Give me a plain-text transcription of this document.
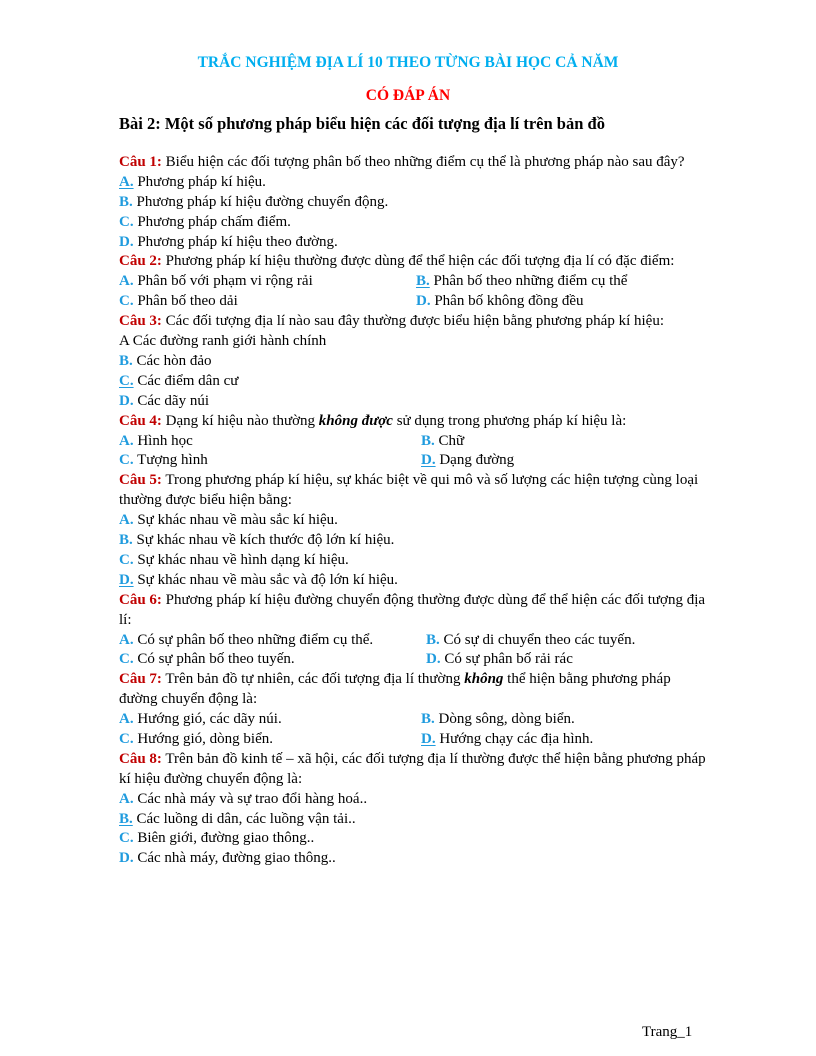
TRẮC NGHIỆM ĐỊA LÍ 10 THEO TỪNG BÀI HỌC CẢ NĂM
CÓ ĐÁP ÁN
Bài 2: Một số phương pháp biểu hiện các đối tượng địa lí trên bản đồ
Câu 1: Biểu hiện các đối tượng phân bố theo những điểm cụ thể là phương pháp nào sau đây?
A. Phương pháp kí hiệu.
B. Phương pháp kí hiệu đường chuyển động.
C. Phương pháp chấm điểm.
D. Phương pháp kí hiệu theo đường.
Câu 2: Phương pháp kí hiệu thường được dùng để thể hiện các đối tượng địa lí có đặc điểm:
A. Phân bố với phạm vi rộng rải	B. Phân bố theo những điểm cụ thể
C. Phân bố theo dải	D. Phân bố không đồng đều
Câu 3: Các đối tượng địa lí nào sau đây thường được biểu hiện bằng phương pháp kí hiệu:
A Các đường ranh giới hành chính
B. Các hòn đảo
C. Các điểm dân cư
D. Các dãy núi
Câu 4: Dạng kí hiệu nào thường không được sử dụng trong phương pháp kí hiệu là:
A. Hình học	B. Chữ
C. Tượng hình	D. Dạng đường
Câu 5: Trong phương pháp kí hiệu, sự khác biệt về qui mô và số lượng các hiện tượng cùng loại thường được biểu hiện bằng:
A. Sự khác nhau về màu sắc kí hiệu.
B. Sự khác nhau về kích thước độ lớn kí hiệu.
C. Sự khác nhau về hình dạng kí hiệu.
D. Sự khác nhau về màu sắc và độ lớn kí hiệu.
Câu 6: Phương pháp kí hiệu đường chuyển động thường được dùng để thể hiện các đối tượng địa lí:
A. Có sự phân bố theo những điểm cụ thể.	B. Có sự di chuyển theo các tuyến.
C. Có sự phân bố theo tuyến.	D. Có sự phân bố rải rác
Câu 7: Trên bản đồ tự nhiên, các đối tượng địa lí thường không thể hiện bằng phương pháp đường chuyển động là:
A. Hướng gió, các dãy núi.	B. Dòng sông, dòng biển.
C. Hướng gió, dòng biển.	D. Hướng chạy các địa hình.
Câu 8: Trên bản đồ kinh tế – xã hội, các đối tượng địa lí thường được thể hiện bằng phương pháp kí hiệu đường chuyển động là:
A. Các nhà máy và sự trao đổi hàng hoá..
B. Các luồng di dân, các luồng vận tải..
C. Biên giới, đường giao thông..
D. Các nhà máy, đường giao thông..
Trang_1
